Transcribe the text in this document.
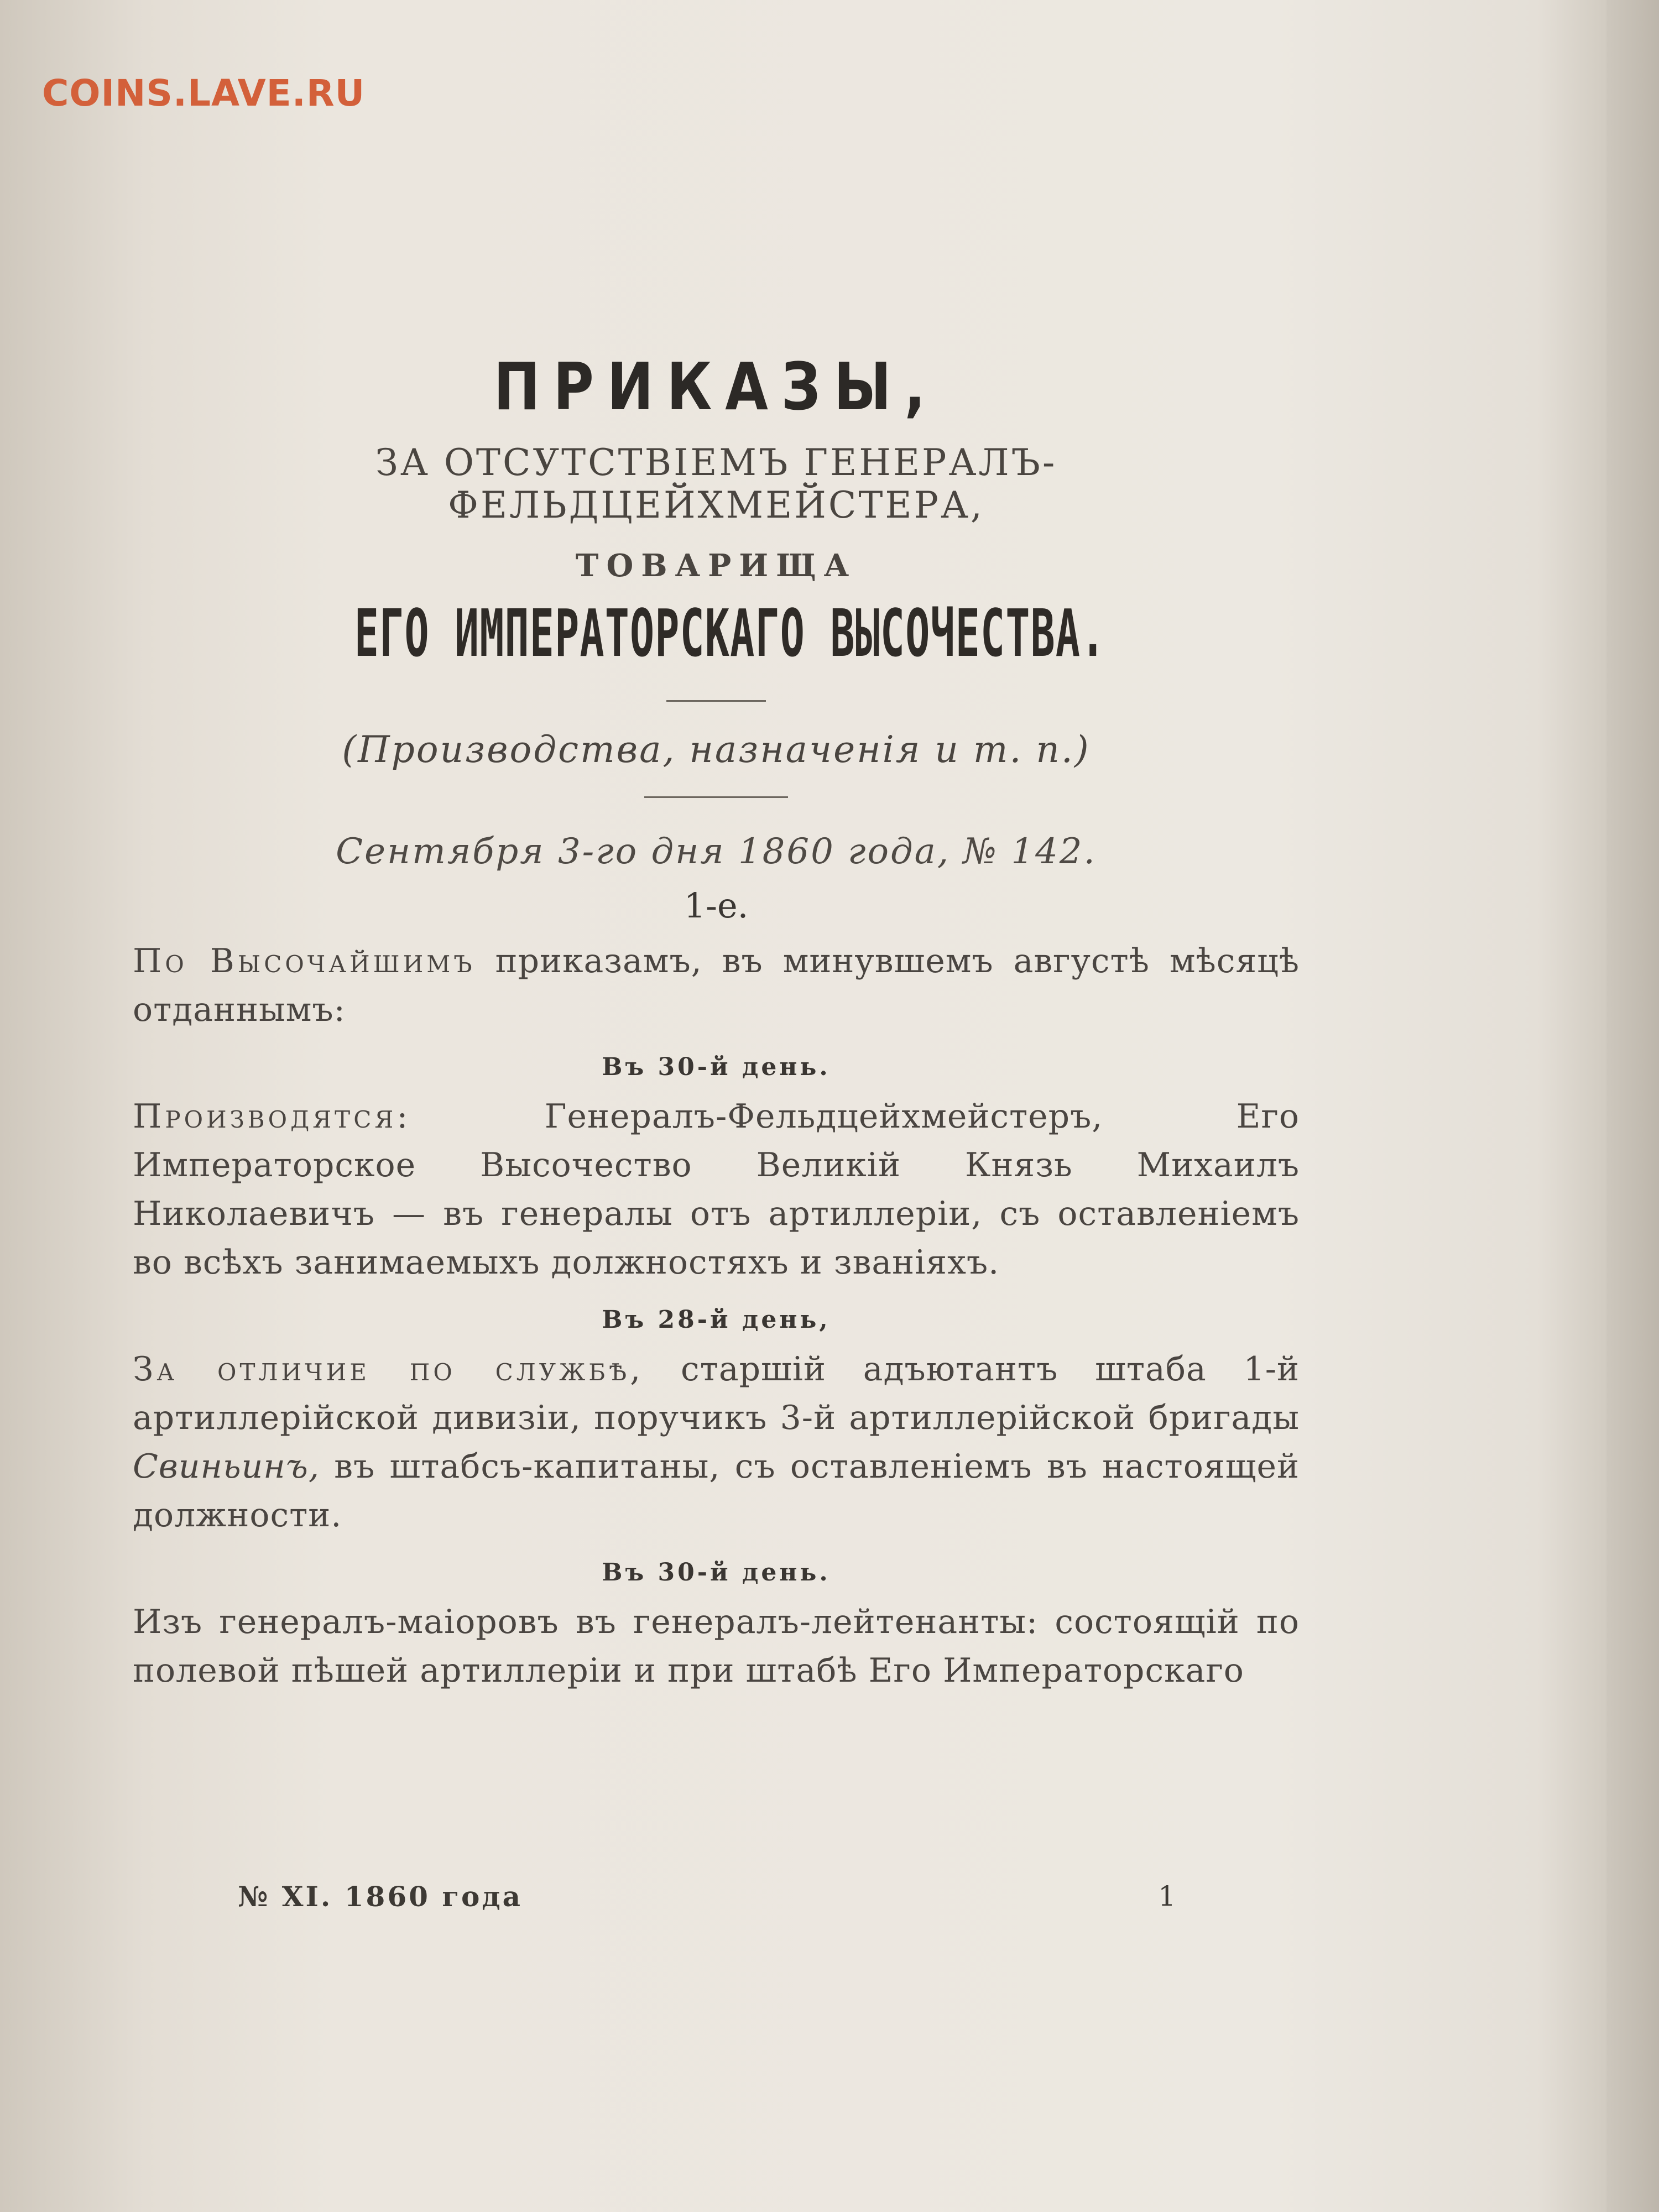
COINS.LAVE.RU
ПРИКАЗЫ,
ЗА ОТСУТСТВІЕМЪ ГЕНЕРАЛЪ-ФЕЛЬДЦЕЙХМЕЙСТЕРА,
ТОВАРИЩА
ЕГО ИМПЕРАТОРСКАГО ВЫСОЧЕСТВА.
(Производства, назначенія и т. п.)
Сентября 3-го дня 1860 года, № 142.
1-е.
По Высочайшимъ приказамъ, въ минувшемъ августѣ мѣсяцѣ отданнымъ:
Въ 30-й день.
Производятся: Генералъ-Фельдцейхмейстеръ, Его Императорское Высочество Великій Князь Михаилъ Николаевичъ — въ генералы отъ артиллеріи, съ оставленіемъ во всѣхъ занимаемыхъ должностяхъ и званіяхъ.
Въ 28-й день,
За отличие по службѣ, старшій адъютантъ штаба 1-й артиллерійской дивизіи, поручикъ 3-й артиллерійской бригады Свиньинъ, въ штабсъ-капитаны, съ оставленіемъ въ настоящей должности.
Въ 30-й день.
Изъ генералъ-маіоровъ въ генералъ-лейтенанты: состоящій по полевой пѣшей артиллеріи и при штабѣ Его Императорскаго
№ XI. 1860 года	1
